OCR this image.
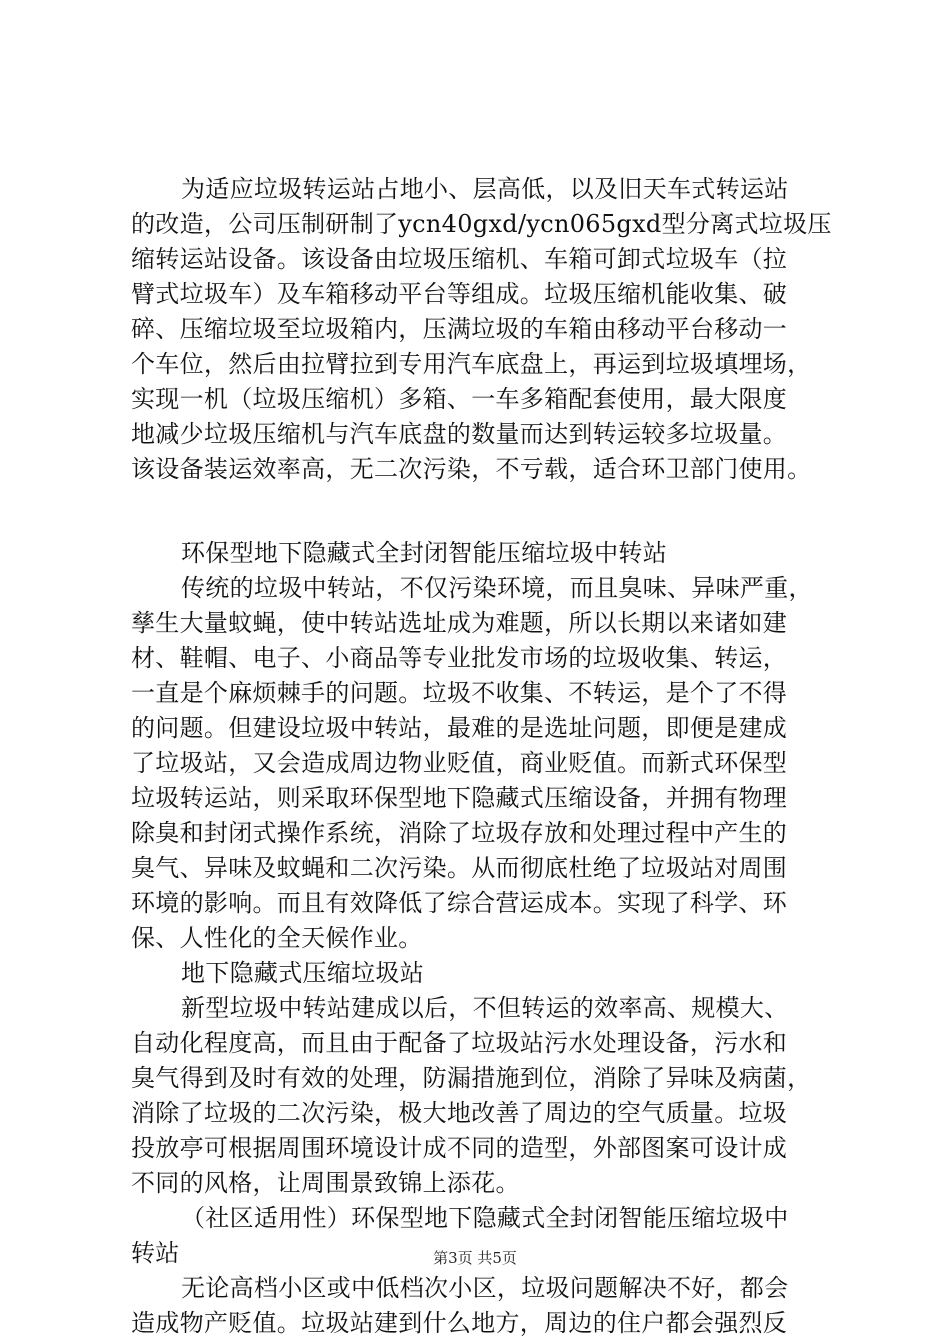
为适应垃圾转运站占地小、层高低，以及旧天车式转运站
的改造，公司压制研制了ycn40gxd/ycn065gxd型分离式垃圾压
缩转运站设备。该设备由垃圾压缩机、车箱可卸式垃圾车（拉
臂式垃圾车）及车箱移动平台等组成。垃圾压缩机能收集、破
碎、压缩垃圾至垃圾箱内，压满垃圾的车箱由移动平台移动一
个车位，然后由拉臂拉到专用汽车底盘上，再运到垃圾填埋场，
实现一机（垃圾压缩机）多箱、一车多箱配套使用，最大限度
地减少垃圾压缩机与汽车底盘的数量而达到转运较多垃圾量。
该设备装运效率高，无二次污染，不亏载，适合环卫部门使用。
环保型地下隐藏式全封闭智能压缩垃圾中转站
传统的垃圾中转站，不仅污染环境，而且臭味、异味严重，
孳生大量蚊蝇，使中转站选址成为难题，所以长期以来诸如建
材、鞋帽、电子、小商品等专业批发市场的垃圾收集、转运，
一直是个麻烦棘手的问题。垃圾不收集、不转运，是个了不得
的问题。但建设垃圾中转站，最难的是选址问题，即便是建成
了垃圾站，又会造成周边物业贬值，商业贬值。而新式环保型
垃圾转运站，则采取环保型地下隐藏式压缩设备，并拥有物理
除臭和封闭式操作系统，消除了垃圾存放和处理过程中产生的
臭气、异味及蚊蝇和二次污染。从而彻底杜绝了垃圾站对周围
环境的影响。而且有效降低了综合营运成本。实现了科学、环
保、人性化的全天候作业。
地下隐藏式压缩垃圾站
新型垃圾中转站建成以后，不但转运的效率高、规模大、
自动化程度高，而且由于配备了垃圾站污水处理设备，污水和
臭气得到及时有效的处理，防漏措施到位，消除了异味及病菌，
消除了垃圾的二次污染，极大地改善了周边的空气质量。垃圾
投放亭可根据周围环境设计成不同的造型，外部图案可设计成
不同的风格，让周围景致锦上添花。
（社区适用性）环保型地下隐藏式全封闭智能压缩垃圾中
转站
无论高档小区或中低档次小区，垃圾问题解决不好，都会
造成物产贬值。垃圾站建到什么地方，周边的住户都会强烈反
第3页 共5页
